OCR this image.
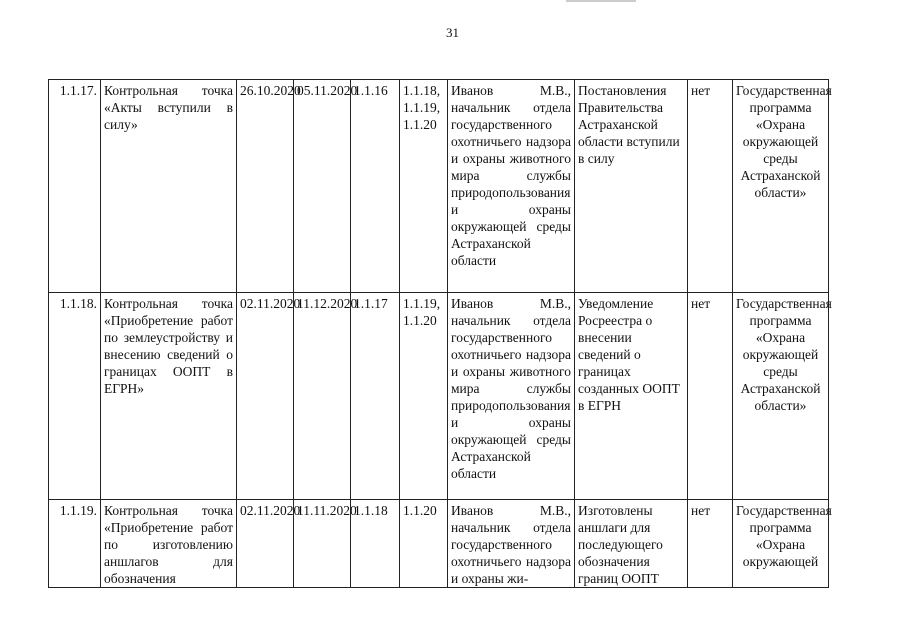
31
1.1.17.	Контрольная точка «Акты вступили в силу»	26.10.2020	05.11.2020	1.1.16	1.1.18, 1.1.19, 1.1.20	Иванов М.В., начальник отдела государственного охотничьего надзора и охраны животного мира службы природопользования и охраны окружающей среды Астраханской области	Постановления Правительства Астраханской области вступили в силу	нет	Государственная программа «Охрана окружающей среды Астраханской области»
1.1.18.	Контрольная точка «Приобретение работ по землеустройству и внесению сведений о границах ООПТ в ЕГРН»	02.11.2020	11.12.2020	1.1.17	1.1.19, 1.1.20	Иванов М.В., начальник отдела государственного охотничьего надзора и охраны животного мира службы природопользования и охраны окружающей среды Астраханской области	Уведомление Росреестра о внесении сведений о границах созданных ООПТ в ЕГРН	нет	Государственная программа «Охрана окружающей среды Астраханской области»
1.1.19.	Контрольная точка «Приобретение работ по изготовлению аншлагов для обозначения	02.11.2020	11.11.2020	1.1.18	1.1.20	Иванов М.В., начальник отдела государственного охотничьего надзора и охраны жи-	Изготовлены аншлаги для последующего обозначения границ ООПТ	нет	Государственная программа «Охрана окружающей
